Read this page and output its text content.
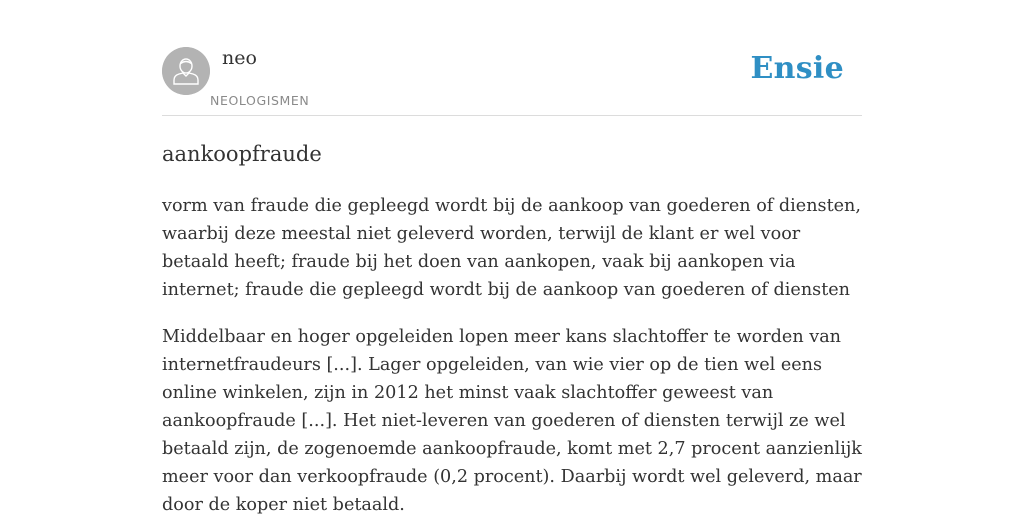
neo
NEOLOGISMEN
Ensie
aankoopfraude

vorm van fraude die gepleegd wordt bij de aankoop van goederen of diensten, waarbij deze meestal niet geleverd worden, terwijl de klant er wel voor betaald heeft; fraude bij het doen van aankopen, vaak bij aankopen via internet; fraude die gepleegd wordt bij de aankoop van goederen of diensten

Middelbaar en hoger opgeleiden lopen meer kans slachtoffer te worden van internetfraudeurs [...]. Lager opgeleiden, van wie vier op de tien wel eens online winkelen, zijn in 2012 het minst vaak slachtoffer geweest van aankoopfraude [...]. Het niet-leveren van goederen of diensten terwijl ze wel betaald zijn, de zogenoemde aankoopfraude, komt met 2,7 procent aanzienlijk meer voor dan verkoopfraude (0,2 procent). Daarbij wordt wel geleverd, maar door de koper niet betaald.
